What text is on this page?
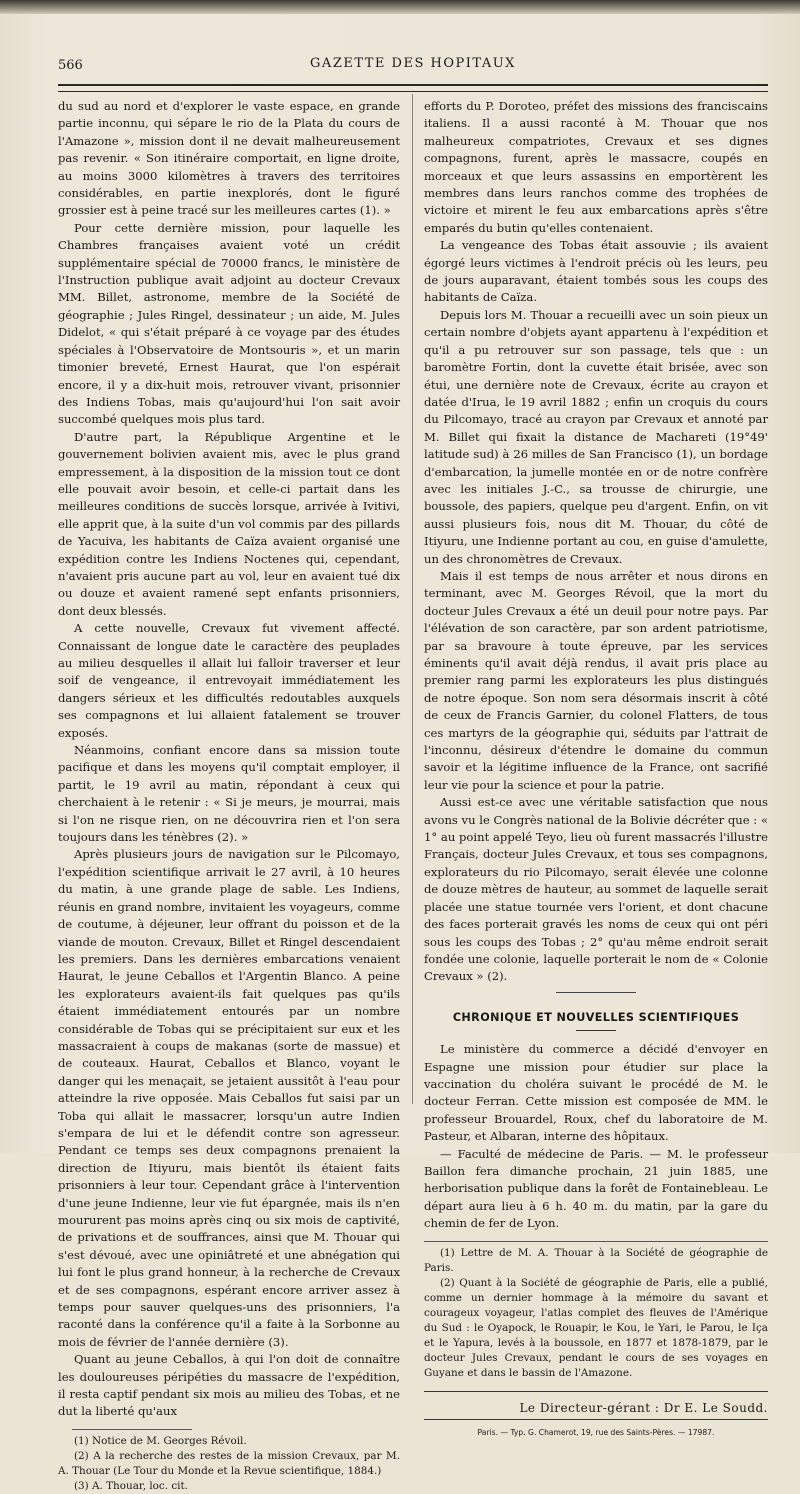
566	GAZETTE DES HOPITAUX

du sud au nord et d'explorer le vaste espace, en grande partie inconnu, qui sépare le rio de la Plata du cours de l'Amazone », mission dont il ne devait malheureusement pas revenir. « Son itinéraire comportait, en ligne droite, au moins 3000 kilomètres à travers des territoires considérables, en partie inexplorés, dont le figuré grossier est à peine tracé sur les meilleures cartes (1). »

Pour cette dernière mission, pour laquelle les Chambres françaises avaient voté un crédit supplémentaire spécial de 70000 francs, le ministère de l'Instruction publique avait adjoint au docteur Crevaux MM. Billet, astronome, membre de la Société de géographie ; Jules Ringel, dessinateur ; un aide, M. Jules Didelot, « qui s'était préparé à ce voyage par des études spéciales à l'Observatoire de Montsouris », et un marin timonier breveté, Ernest Haurat, que l'on espérait encore, il y a dix-huit mois, retrouver vivant, prisonnier des Indiens Tobas, mais qu'aujourd'hui l'on sait avoir succombé quelques mois plus tard.

D'autre part, la République Argentine et le gouvernement bolivien avaient mis, avec le plus grand empressement, à la disposition de la mission tout ce dont elle pouvait avoir besoin, et celle-ci partait dans les meilleures conditions de succès lorsque, arrivée à Ivitivi, elle apprit que, à la suite d'un vol commis par des pillards de Yacuiva, les habitants de Caïza avaient organisé une expédition contre les Indiens Noctenes qui, cependant, n'avaient pris aucune part au vol, leur en avaient tué dix ou douze et avaient ramené sept enfants prisonniers, dont deux blessés.

A cette nouvelle, Crevaux fut vivement affecté. Connaissant de longue date le caractère des peuplades au milieu desquelles il allait lui falloir traverser et leur soif de vengeance, il entrevoyait immédiatement les dangers sérieux et les difficultés redoutables auxquels ses compagnons et lui allaient fatalement se trouver exposés.

Néanmoins, confiant encore dans sa mission toute pacifique et dans les moyens qu'il comptait employer, il partit, le 19 avril au matin, répondant à ceux qui cherchaient à le retenir : « Si je meurs, je mourrai, mais si l'on ne risque rien, on ne découvrira rien et l'on sera toujours dans les ténèbres (2). »

Après plusieurs jours de navigation sur le Pilcomayo, l'expédition scientifique arrivait le 27 avril, à 10 heures du matin, à une grande plage de sable. Les Indiens, réunis en grand nombre, invitaient les voyageurs, comme de coutume, à déjeuner, leur offrant du poisson et de la viande de mouton. Crevaux, Billet et Ringel descendaient les premiers. Dans les dernières embarcations venaient Haurat, le jeune Ceballos et l'Argentin Blanco. A peine les explorateurs avaient-ils fait quelques pas qu'ils étaient immédiatement entourés par un nombre considérable de Tobas qui se précipitaient sur eux et les massacraient à coups de makanas (sorte de massue) et de couteaux. Haurat, Ceballos et Blanco, voyant le danger qui les menaçait, se jetaient aussitôt à l'eau pour atteindre la rive opposée. Mais Ceballos fut saisi par un Toba qui allait le massacrer, lorsqu'un autre Indien s'empara de lui et le défendit contre son agresseur. Pendant ce temps ses deux compagnons prenaient la direction de Itiyuru, mais bientôt ils étaient faits prisonniers à leur tour. Cependant grâce à l'intervention d'une jeune Indienne, leur vie fut épargnée, mais ils n'en moururent pas moins après cinq ou six mois de captivité, de privations et de souffrances, ainsi que M. Thouar qui s'est dévoué, avec une opiniâtreté et une abnégation qui lui font le plus grand honneur, à la recherche de Crevaux et de ses compagnons, espérant encore arriver assez à temps pour sauver quelques-uns des prisonniers, l'a raconté dans la conférence qu'il a faite à la Sorbonne au mois de février de l'année dernière (3).

Quant au jeune Ceballos, à qui l'on doit de connaître les douloureuses péripéties du massacre de l'expédition, il resta captif pendant six mois au milieu des Tobas, et ne dut la liberté qu'aux

(1) Notice de M. Georges Révoil.

(2) A la recherche des restes de la mission Crevaux, par M. A. Thouar (Le Tour du Monde et la Revue scientifique, 1884.)

(3) A. Thouar, loc. cit.

efforts du P. Doroteo, préfet des missions des franciscains italiens. Il a aussi raconté à M. Thouar que nos malheureux compatriotes, Crevaux et ses dignes compagnons, furent, après le massacre, coupés en morceaux et que leurs assassins en emportèrent les membres dans leurs ranchos comme des trophées de victoire et mirent le feu aux embarcations après s'être emparés du butin qu'elles contenaient.

La vengeance des Tobas était assouvie ; ils avaient égorgé leurs victimes à l'endroit précis où les leurs, peu de jours auparavant, étaient tombés sous les coups des habitants de Caïza.

Depuis lors M. Thouar a recueilli avec un soin pieux un certain nombre d'objets ayant appartenu à l'expédition et qu'il a pu retrouver sur son passage, tels que : un baromètre Fortin, dont la cuvette était brisée, avec son étui, une dernière note de Crevaux, écrite au crayon et datée d'Irua, le 19 avril 1882 ; enfin un croquis du cours du Pilcomayo, tracé au crayon par Crevaux et annoté par M. Billet qui fixait la distance de Machareti (19°49' latitude sud) à 26 milles de San Francisco (1), un bordage d'embarcation, la jumelle montée en or de notre confrère avec les initiales J.-C., sa trousse de chirurgie, une boussole, des papiers, quelque peu d'argent. Enfin, on vit aussi plusieurs fois, nous dit M. Thouar, du côté de Itiyuru, une Indienne portant au cou, en guise d'amulette, un des chronomètres de Crevaux.

Mais il est temps de nous arrêter et nous dirons en terminant, avec M. Georges Révoil, que la mort du docteur Jules Crevaux a été un deuil pour notre pays. Par l'élévation de son caractère, par son ardent patriotisme, par sa bravoure à toute épreuve, par les services éminents qu'il avait déjà rendus, il avait pris place au premier rang parmi les explorateurs les plus distingués de notre époque. Son nom sera désormais inscrit à côté de ceux de Francis Garnier, du colonel Flatters, de tous ces martyrs de la géographie qui, séduits par l'attrait de l'inconnu, désireux d'étendre le domaine du commun savoir et la légitime influence de la France, ont sacrifié leur vie pour la science et pour la patrie.

Aussi est-ce avec une véritable satisfaction que nous avons vu le Congrès national de la Bolivie décréter que : « 1° au point appelé Teyo, lieu où furent massacrés l'illustre Français, docteur Jules Crevaux, et tous ses compagnons, explorateurs du rio Pilcomayo, serait élevée une colonne de douze mètres de hauteur, au sommet de laquelle serait placée une statue tournée vers l'orient, et dont chacune des faces porterait gravés les noms de ceux qui ont péri sous les coups des Tobas ; 2° qu'au même endroit serait fondée une colonie, laquelle porterait le nom de « Colonie Crevaux » (2).

CHRONIQUE ET NOUVELLES SCIENTIFIQUES

Le ministère du commerce a décidé d'envoyer en Espagne une mission pour étudier sur place la vaccination du choléra suivant le procédé de M. le docteur Ferran. Cette mission est composée de MM. le professeur Brouardel, Roux, chef du laboratoire de M. Pasteur, et Albaran, interne des hôpitaux.

— Faculté de médecine de Paris. — M. le professeur Baillon fera dimanche prochain, 21 juin 1885, une herborisation publique dans la forêt de Fontainebleau. Le départ aura lieu à 6 h. 40 m. du matin, par la gare du chemin de fer de Lyon.

(1) Lettre de M. A. Thouar à la Société de géographie de Paris.

(2) Quant à la Société de géographie de Paris, elle a publié, comme un dernier hommage à la mémoire du savant et courageux voyageur, l'atlas complet des fleuves de l'Amérique du Sud : le Oyapock, le Rouapir, le Kou, le Yari, le Parou, le Iça et le Yapura, levés à la boussole, en 1877 et 1878-1879, par le docteur Jules Crevaux, pendant le cours de ses voyages en Guyane et dans le bassin de l'Amazone.

Le Directeur-gérant : Dr E. Le Soudd.
Paris. — Typ. G. Chamerot, 19, rue des Saints-Pères. — 17987.
